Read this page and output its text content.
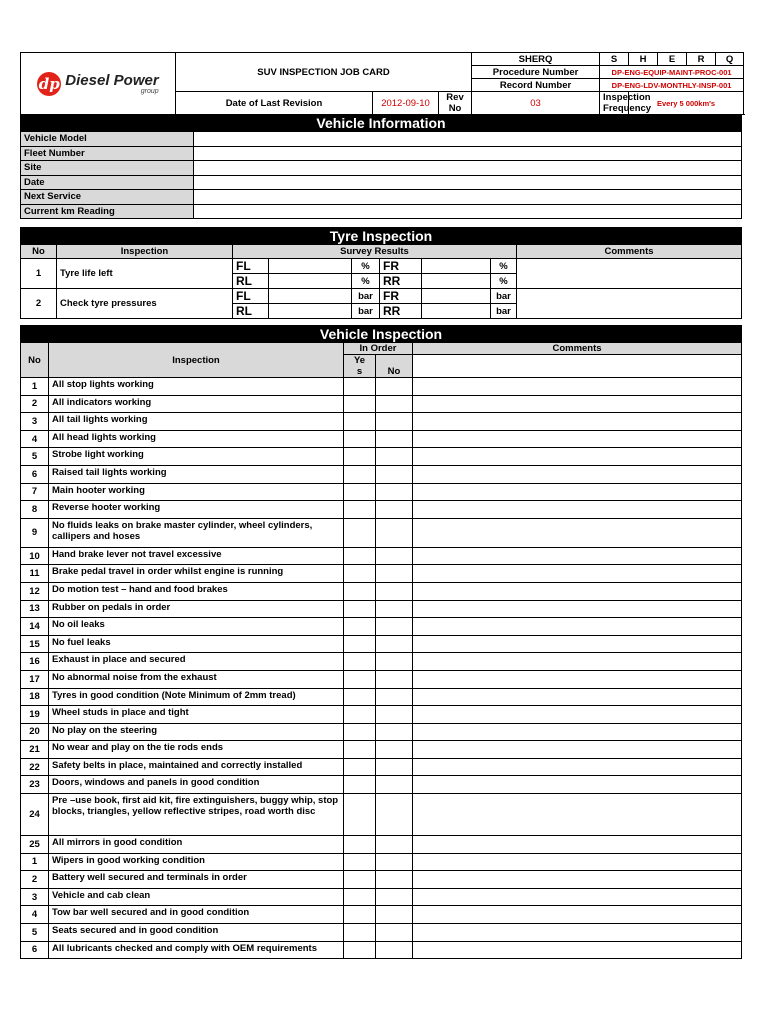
dp Diesel Power
group	SUV INSPECTION JOB CARD			SHERQ	S	H	E	R	Q
				Procedure Number	DP-ENG-EQUIP-MAINT-PROC-001				
				Record Number	DP-ENG-LDV-MONTHLY-INSP-001				
	Date of Last Revision	2012-09-10	Rev No	03	Inspection Frequency	Every 5 000km's			
Vehicle Information	
Vehicle Model	
Fleet Number	
Site	
Date	
Next Service	
Current km Reading	
Tyre Inspection								
No	Inspection	Survey Results						Comments
1	Tyre life left	FL		%	FR		%	
		RL		%	RR		%	
2	Check tyre pressures	FL		bar	FR		bar	
		RL		bar	RR		bar	
Vehicle Inspection				
No	Inspection	In Order		Comments
		Ye s	No	
1	All stop lights working			
2	All indicators working			
3	All tail lights working			
4	All head lights working			
5	Strobe light working			
6	Raised tail lights working			
7	Main hooter working			
8	Reverse hooter working			
9	No fluids leaks on brake master cylinder, wheel cylinders, callipers and hoses			
10	Hand brake lever not travel excessive			
11	Brake pedal travel in order whilst engine is running			
12	Do motion test – hand and food brakes			
13	Rubber on pedals in order			
14	No oil leaks			
15	No fuel leaks			
16	Exhaust in place and secured			
17	No abnormal noise from the exhaust			
18	Tyres in good condition (Note Minimum of 2mm tread)			
19	Wheel studs in place and tight			
20	No play on the steering			
21	No wear and play on the tie rods ends			
22	Safety belts in place, maintained and correctly installed			
23	Doors, windows and panels in good condition			
24	Pre –use book, first aid kit, fire extinguishers, buggy whip, stop blocks, triangles, yellow reflective stripes, road worth disc			
25	All mirrors in good condition			
1	Wipers in good working condition			
2	Battery well secured and terminals in order			
3	Vehicle and cab clean			
4	Tow bar well secured and in good condition			
5	Seats secured and in good condition			
6	All lubricants checked and comply with OEM requirements			
